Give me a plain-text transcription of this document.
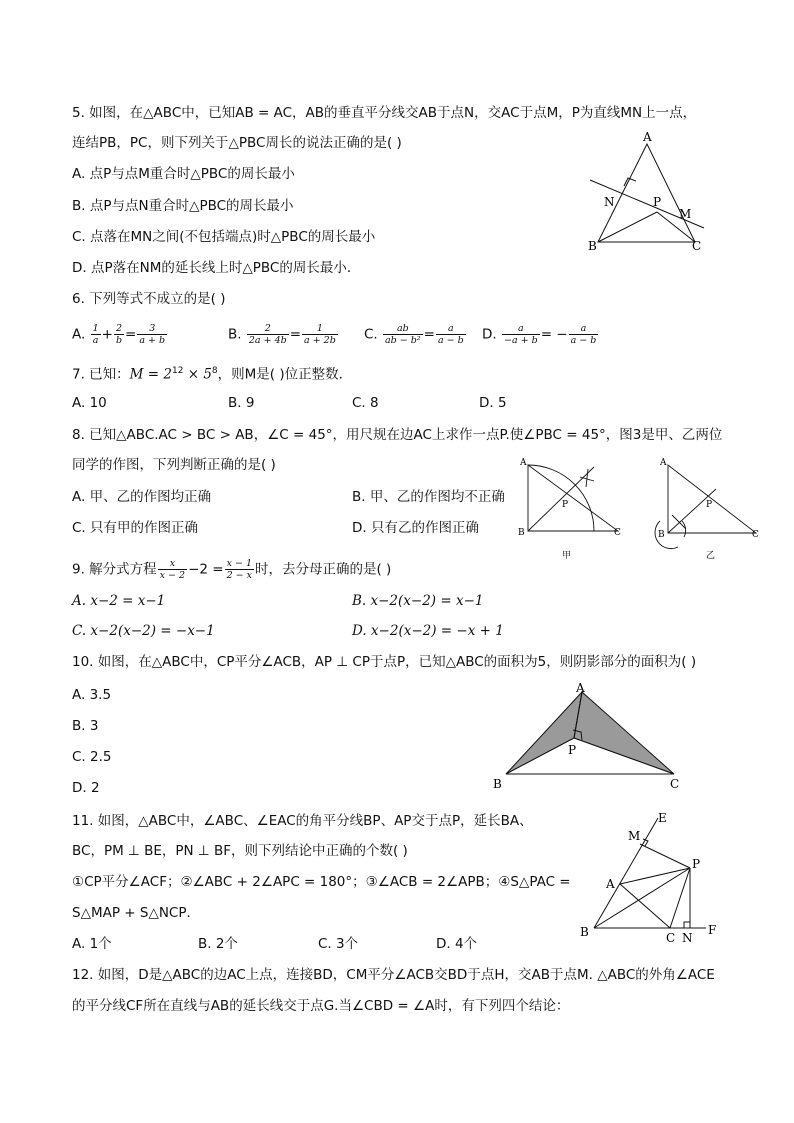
5. 如图，在△ABC中，已知AB = AC，AB的垂直平分线交AB于点N，交AC于点M，P为直线MN上一点，
连结PB，PC，则下列关于△PBC周长的说法正确的是( )
A. 点P与点M重合时△PBC的周长最小
B. 点P与点N重合时△PBC的周长最小
C. 点落在MN之间(不包括端点)时△PBC的周长最小
D. 点P落在NM的延长线上时△PBC的周长最小．
A
B	C
N	P
M
6. 下列等式不成立的是( )
A. $\frac{1}{a} + \frac{2}{b} = \frac{3}{a + b}$	B. $\frac{2}{2a + 4b} = \frac{1}{a + 2b} C$. $\frac{ab}{\text{ab − b²}} = \frac{a}{a - b} D$. $\frac{a}{-a + b}$ = − $\frac{a}{a - b}$
7. 已知：$M = 2^{12} \times 5^8$，则M是( )位正整数．
A. 10	B. 9	C. 8	D. 5
8. 已知△ABC.AC > BC > AB，∠C = 45°，用尺规在边AC上求作一点P.使∠PBC = 45°，图3是甲、乙两位
同学的作图，下列判断正确的是( )
A. 甲、乙的作图均正确	B. 甲、乙的作图均不正确
C. 只有甲的作图正确	D. 只有乙的作图正确
A
B	C
P
甲
A
B	C
P
乙
9. 解分式方程 $\frac{x}{x - 2} -2 = \frac{x - 1}{2 - x}$ 时，去分母正确的是( )
A. x−2 = x−1	B. x−2(x−2) = x−1
C. x−2(x−2) = −x−1	D. x−2(x−2) = −x + 1
10. 如图，在△ABC中，CP平分∠ACB，AP ⊥ CP于点P，已知△ABC的面积为5，则阴影部分的面积为( )
A. 3.5
B. 3
C. 2.5
D. 2
A
B	C
P
11. 如图，△ABC中，∠ABC、∠EAC的角平分线BP、AP交于点P，延长BA、
BC，PM ⊥ BE，PN ⊥ BF，则下列结论中正确的个数( )
①CP平分∠ACF；②∠ABC + 2∠APC = 180°；③∠ACB = 2∠APB；④S△PAC =
S△MAP + S△NCP．
A. 1个	B. 2个	C. 3个	D. 4个
M
E
P
A
B	C N
F
12. 如图，D是△ABC的边AC上点，连接BD，CM平分∠ACB交BD于点H，交AB于点M. △ABC的外角∠ACE
的平分线CF所在直线与AB的延长线交于点G.当∠CBD = ∠A时，有下列四个结论：
